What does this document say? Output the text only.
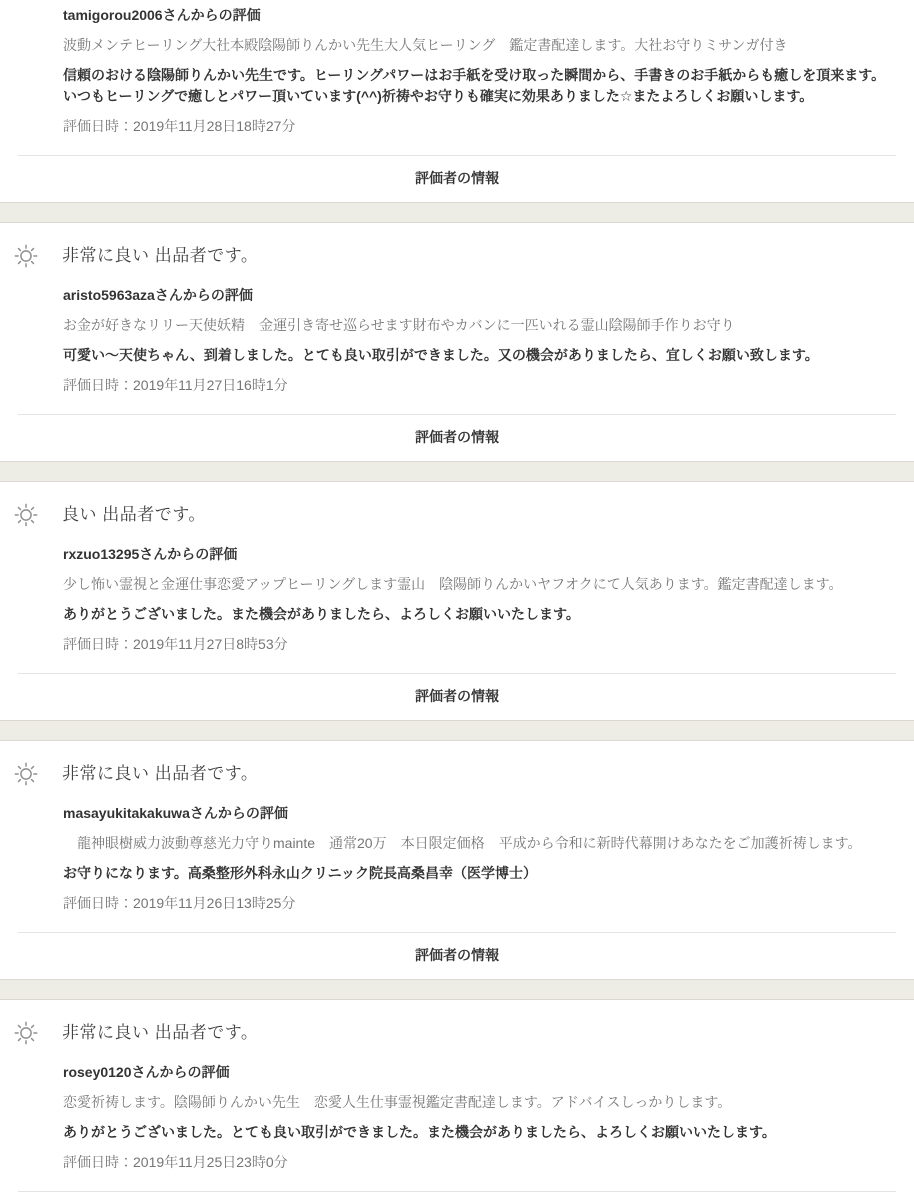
tamigorou2006さんからの評価

波動メンテヒーリング大社本殿陰陽師りんかい先生大人気ヒーリング　鑑定書配達します。大社お守りミサンガ付き

信頼のおける陰陽師りんかい先生です。ヒーリングパワーはお手紙を受け取った瞬間から、手書きのお手紙からも癒しを頂来ます。いつもヒーリングで癒しとパワー頂いています(^^)祈祷やお守りも確実に効果ありました☆またよろしくお願いします。

評価日時：2019年11月28日18時27分

評価者の情報
非常に良い 出品者です。

aristo5963azaさんからの評価

お金が好きなリリー天使妖精　金運引き寄せ巡らせます財布やカバンに一匹いれる霊山陰陽師手作りお守り

可愛い〜天使ちゃん、到着しました。とても良い取引ができました。又の機会がありましたら、宜しくお願い致します。

評価日時：2019年11月27日16時1分

評価者の情報
良い 出品者です。

rxzuo13295さんからの評価

少し怖い霊視と金運仕事恋愛アップヒーリングします霊山　陰陽師りんかいヤフオクにて人気あります。鑑定書配達します。

ありがとうございました。また機会がありましたら、よろしくお願いいたします。

評価日時：2019年11月27日8時53分

評価者の情報
非常に良い 出品者です。

masayukitakakuwaさんからの評価

　龍神眼樹威力波動尊慈光力守りmainte　通常20万　本日限定価格　平成から令和に新時代幕開けあなたをご加護祈祷します。

お守りになります。高桑整形外科永山クリニック院長高桑昌幸（医学博士）

評価日時：2019年11月26日13時25分

評価者の情報
非常に良い 出品者です。

rosey0120さんからの評価

恋愛祈祷します。陰陽師りんかい先生　恋愛人生仕事霊視鑑定書配達します。アドバイスしっかりします。

ありがとうございました。とても良い取引ができました。また機会がありましたら、よろしくお願いいたします。

評価日時：2019年11月25日23時0分
